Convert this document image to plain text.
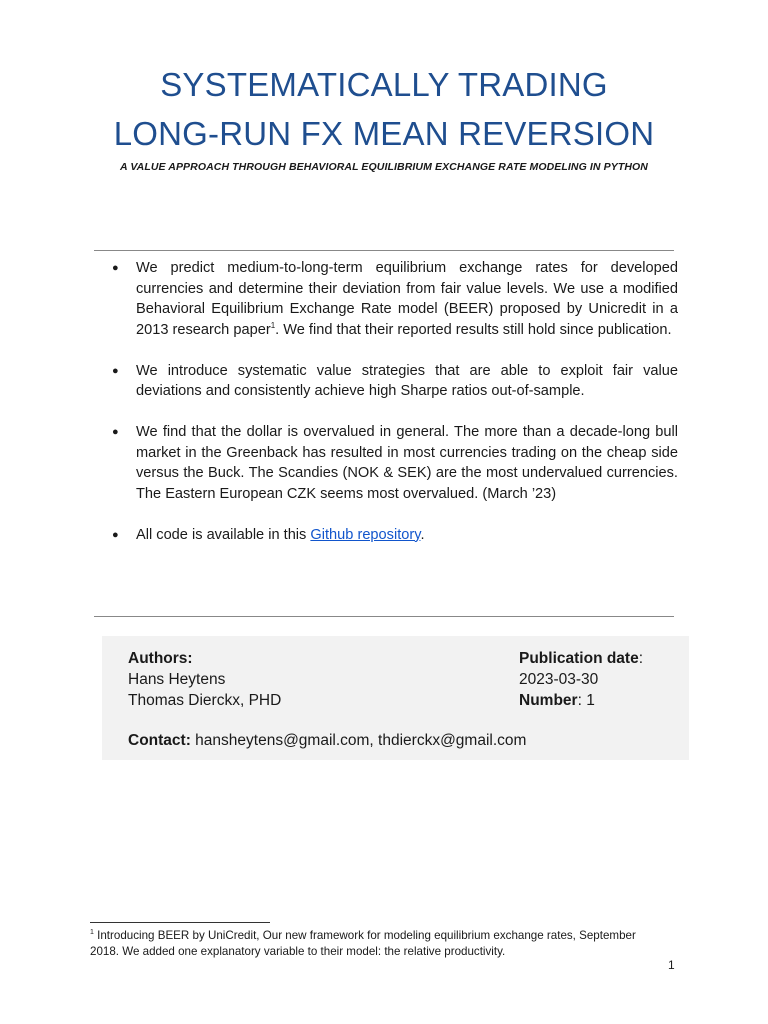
SYSTEMATICALLY TRADING
LONG-RUN FX MEAN REVERSION
A VALUE APPROACH THROUGH BEHAVIORAL EQUILIBRIUM EXCHANGE RATE MODELING IN PYTHON
● We predict medium-to-long-term equilibrium exchange rates for developed currencies and determine their deviation from fair value levels. We use a modified Behavioral Equilibrium Exchange Rate model (BEER) proposed by Unicredit in a 2013 research paper$^1$. We find that their reported results still hold since publication.
● We introduce systematic value strategies that are able to exploit fair value deviations and consistently achieve high Sharpe ratios out-of-sample.
● We find that the dollar is overvalued in general. The more than a decade-long bull market in the Greenback has resulted in most currencies trading on the cheap side versus the Buck. The Scandies (NOK & SEK) are the most undervalued currencies. The Eastern European CZK seems most overvalued. (March ’23)
● All code is available in this Github repository.
Authors:
Hans Heytens
Thomas Dierckx, PHD
Publication date:
2023-03-30
Number: 1
Contact: hansheytens@gmail.com, thdierckx@gmail.com
$^1$ Introducing BEER by UniCredit, Our new framework for modeling equilibrium exchange rates, September 2018. We added one explanatory variable to their model: the relative productivity.
1
